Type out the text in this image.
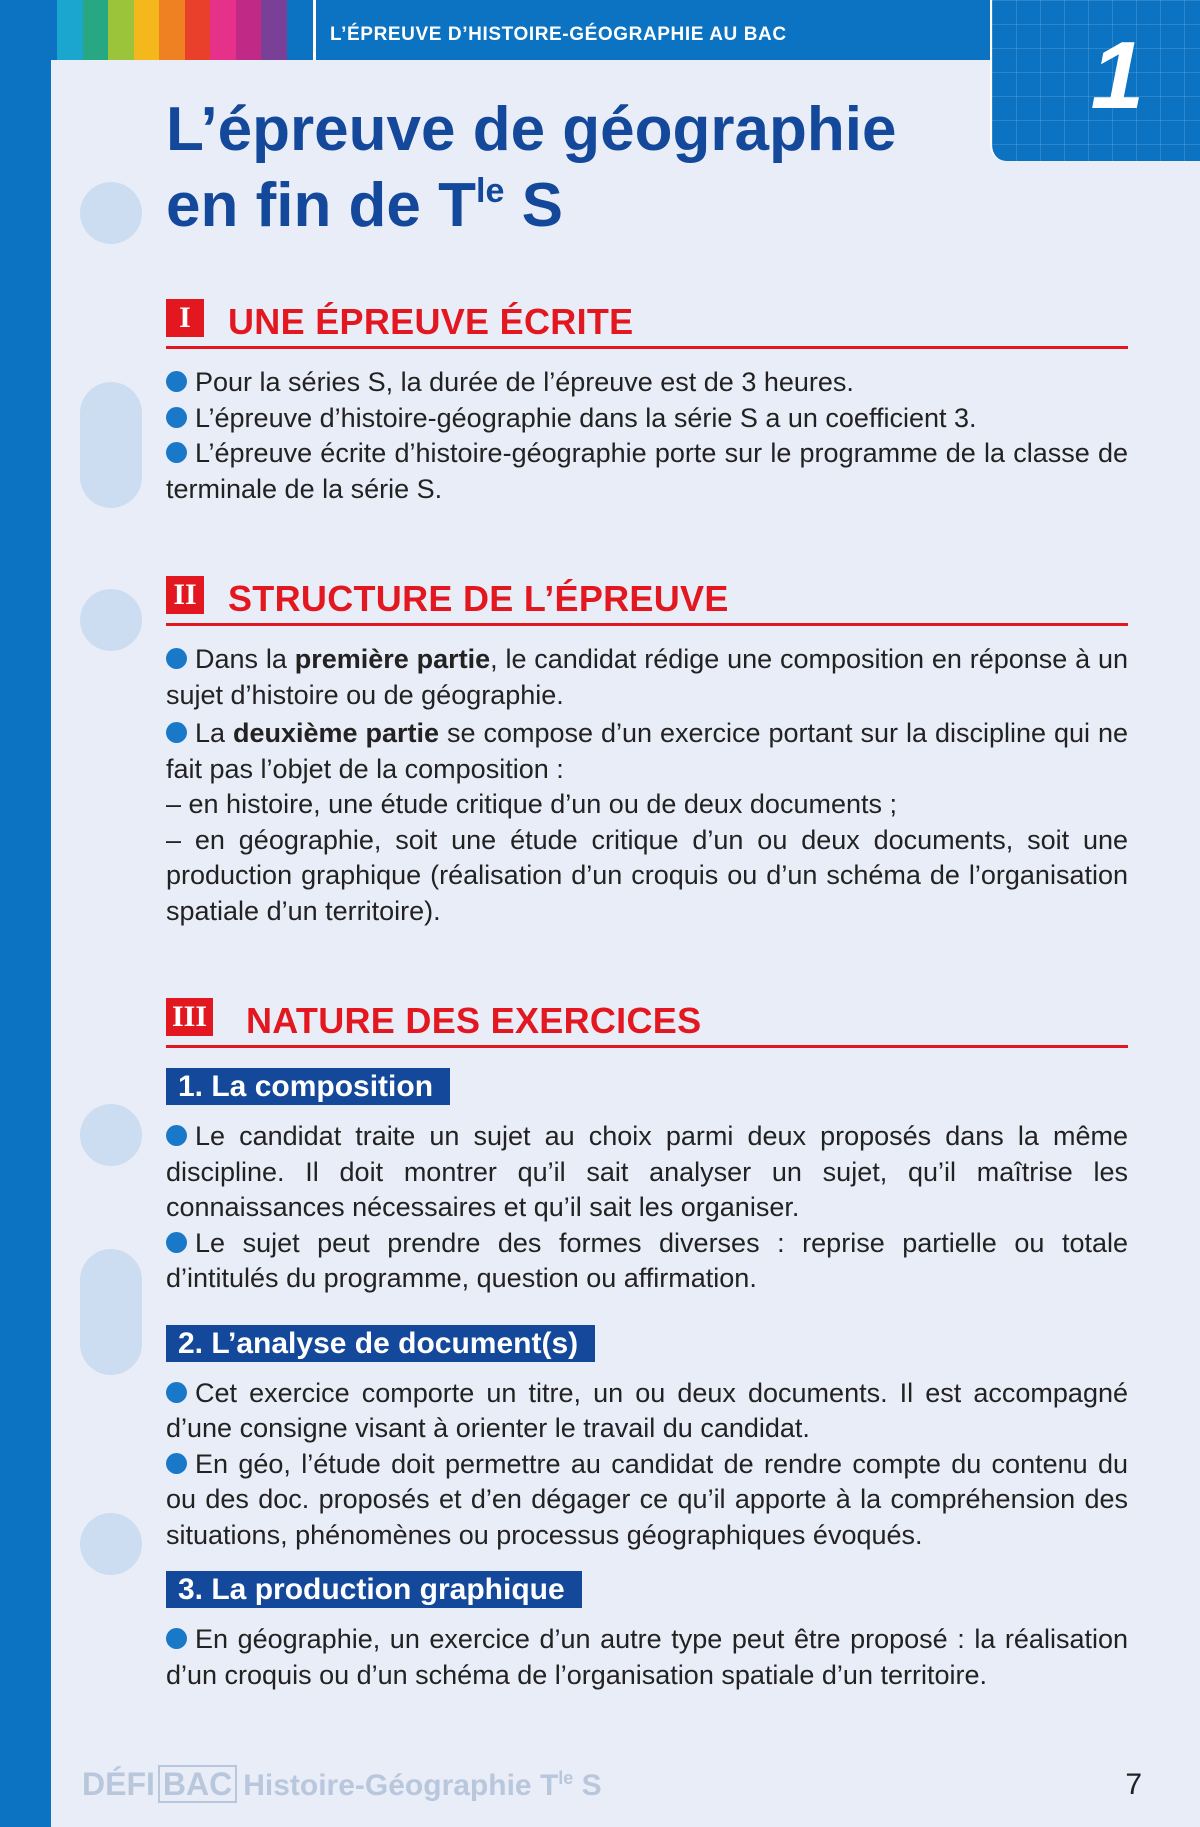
L’ÉPREUVE D’HISTOIRE-GÉOGRAPHIE AU BAC	1
L’épreuve de géographie
en fin de $T^{le}$ S
I	UNE ÉPREUVE ÉCRITE

Pour la séries S, la durée de l’épreuve est de 3 heures.

L’épreuve d’histoire-géographie dans la série S a un coefficient 3.

L’épreuve écrite d’histoire-géographie porte sur le programme de la classe de terminale de la série S.

II STRUCTURE DE L’ÉPREUVE

Dans la première partie, le candidat rédige une composition en réponse à un sujet d’histoire ou de géographie.

La deuxième partie se compose d’un exercice portant sur la discipline qui ne fait pas l’objet de la composition :

– en histoire, une étude critique d’un ou de deux documents ;

– en géographie, soit une étude critique d’un ou deux documents, soit une production graphique (réalisation d’un croquis ou d’un schéma de l’organisation spatiale d’un territoire).

III NATURE DES EXERCICES
1. La composition

Le candidat traite un sujet au choix parmi deux proposés dans la même discipline. Il doit montrer qu’il sait analyser un sujet, qu’il maîtrise les connaissances nécessaires et qu’il sait les organiser.

Le sujet peut prendre des formes diverses : reprise partielle ou totale d’intitulés du programme, question ou affirmation.

2. L’analyse de document(s)

Cet exercice comporte un titre, un ou deux documents. Il est accompagné d’une consigne visant à orienter le travail du candidat.

En géo, l’étude doit permettre au candidat de rendre compte du contenu du ou des doc. proposés et d’en dégager ce qu’il apporte à la compréhension des situations, phénomènes ou processus géographiques évoqués.

3. La production graphique

En géographie, un exercice d’un autre type peut être proposé : la réalisation d’un croquis ou d’un schéma de l’organisation spatiale d’un territoire.

DÉFI BAC Histoire-Géographie $T^{le}$ S	7
